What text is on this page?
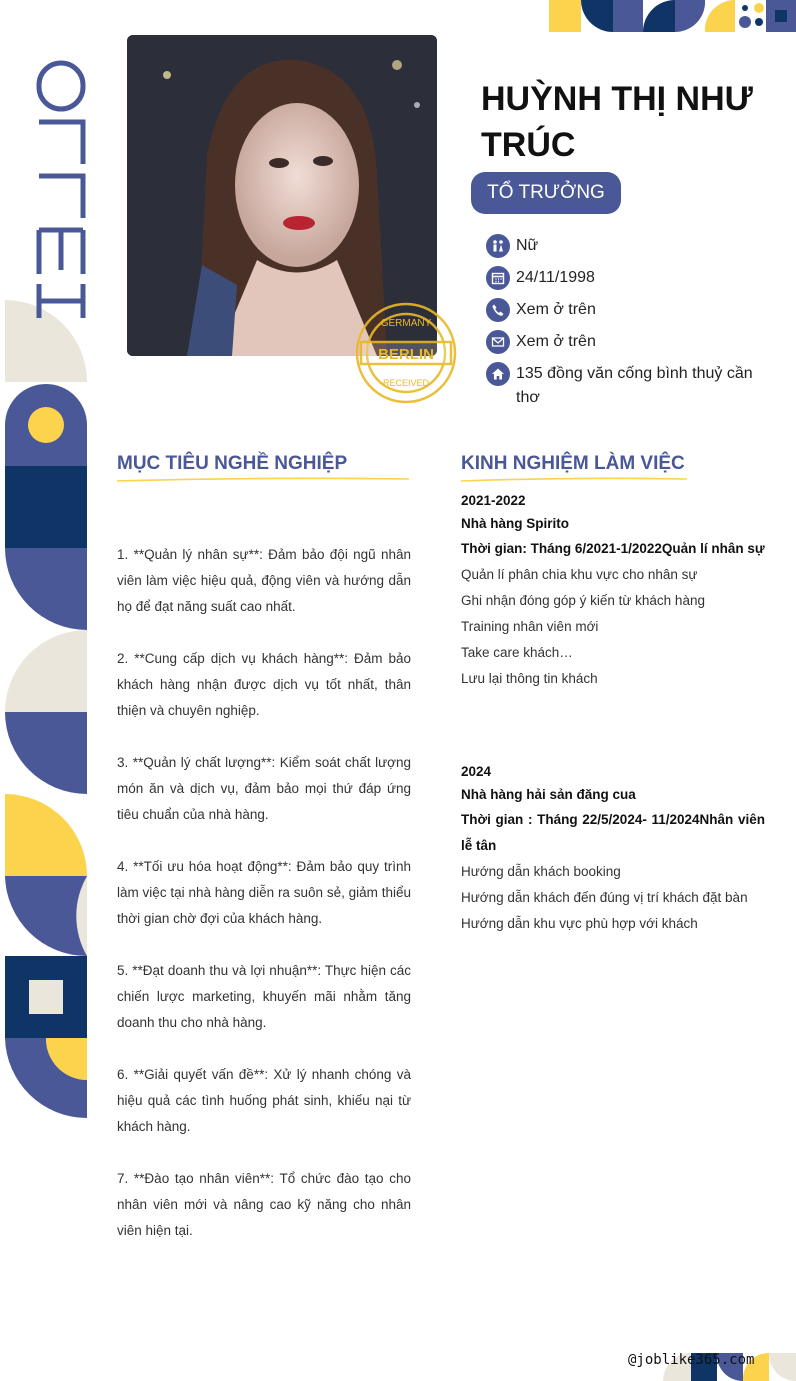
GERMANY
BERLIN
RECEIVED
HUỲNH THỊ NHƯ TRÚC
TỔ TRƯỞNG
Nữ
24/11/1998
Xem ở trên
Xem ở trên
135 đồng văn cống bình thuỷ cần thơ
MỤC TIÊU NGHỀ NGHIỆP

1. **Quản lý nhân sự**: Đảm bảo đội ngũ nhân viên làm việc hiệu quả, động viên và hướng dẫn họ để đạt năng suất cao nhất.

2. **Cung cấp dịch vụ khách hàng**: Đảm bảo khách hàng nhận được dịch vụ tốt nhất, thân thiện và chuyên nghiệp.

3. **Quản lý chất lượng**: Kiểm soát chất lượng món ăn và dịch vụ, đảm bảo mọi thứ đáp ứng tiêu chuẩn của nhà hàng.

4. **Tối ưu hóa hoạt động**: Đảm bảo quy trình làm việc tại nhà hàng diễn ra suôn sẻ, giảm thiểu thời gian chờ đợi của khách hàng.

5. **Đạt doanh thu và lợi nhuận**: Thực hiện các chiến lược marketing, khuyến mãi nhằm tăng doanh thu cho nhà hàng.

6. **Giải quyết vấn đề**: Xử lý nhanh chóng và hiệu quả các tình huống phát sinh, khiếu nại từ khách hàng.

7. **Đào tạo nhân viên**: Tổ chức đào tạo cho nhân viên mới và nâng cao kỹ năng cho nhân viên hiện tại.

KINH NGHIỆM LÀM VIỆC
2021-2022
Nhà hàng Spirito
Thời gian: Tháng 6/2021-1/2022Quản lí nhân sự
Quản lí phân chia khu vực cho nhân sự
Ghi nhận đóng góp ý kiến từ khách hàng
Training nhân viên mới
Take care khách…
Lưu lại thông tin khách
2024
Nhà hàng hải sản đăng cua
Thời gian : Tháng 22/5/2024- 11/2024Nhân viên lễ tân
Hướng dẫn khách booking
Hướng dẫn khách đến đúng vị trí khách đặt bàn
Hướng dẫn khu vực phù hợp với khách
@joblike365.com
